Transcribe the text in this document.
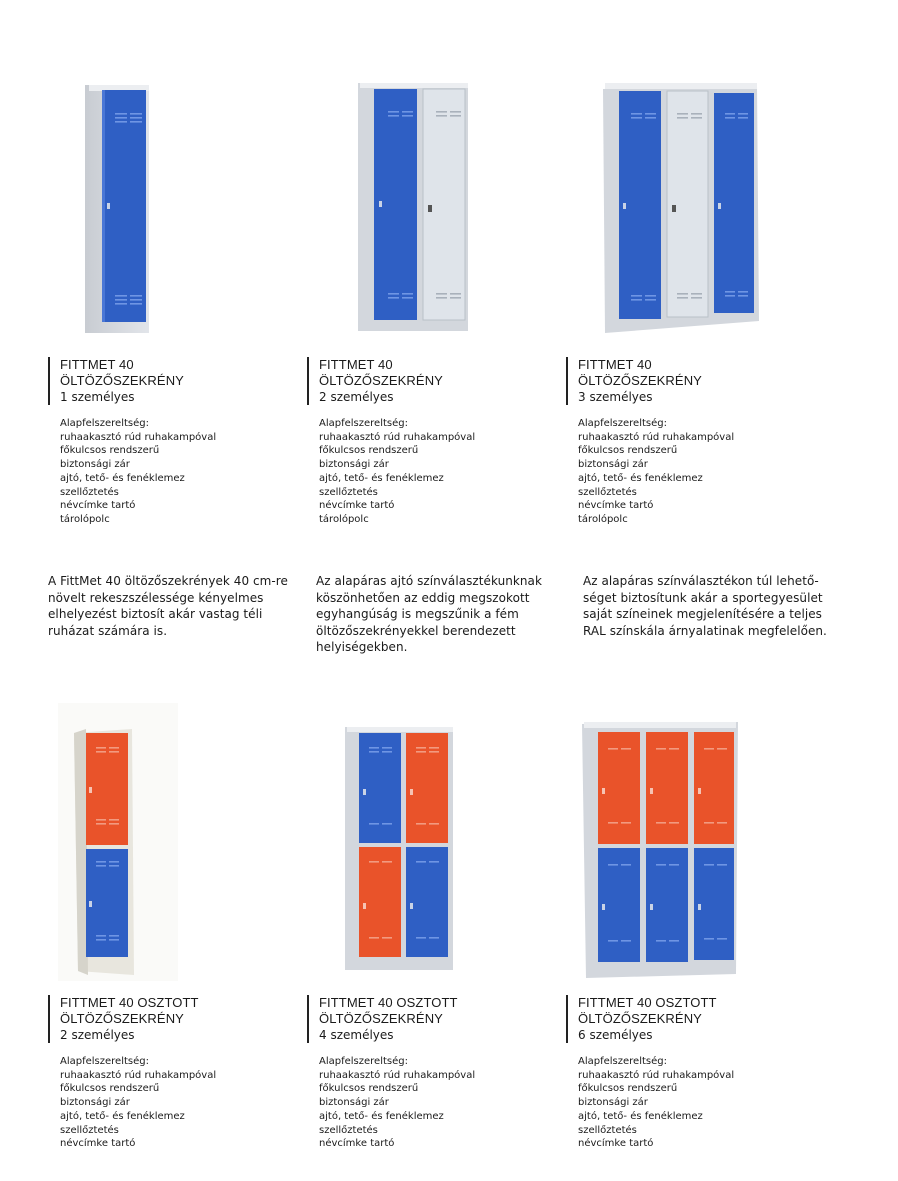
FITTMET 40
ÖLTÖZŐSZEKRÉNY
1 személyes
Alapfelszereltség:
ruhaakasztó rúd ruhakampóval
főkulcsos rendszerű
biztonsági zár
ajtó, tető- és fenéklemez
szellőztetés
névcímke tartó
tárolópolc
FITTMET 40
ÖLTÖZŐSZEKRÉNY
2 személyes
Alapfelszereltség:
ruhaakasztó rúd ruhakampóval
főkulcsos rendszerű
biztonsági zár
ajtó, tető- és fenéklemez
szellőztetés
névcímke tartó
tárolópolc
FITTMET 40
ÖLTÖZŐSZEKRÉNY
3 személyes
Alapfelszereltség:
ruhaakasztó rúd ruhakampóval
főkulcsos rendszerű
biztonsági zár
ajtó, tető- és fenéklemez
szellőztetés
névcímke tartó
tárolópolc
A FittMet 40 öltözőszekrények 40 cm-re
növelt rekeszszélessége kényelmes
elhelyezést biztosít akár vastag téli
ruházat számára is.
Az alapáras ajtó színválasztékunknak
köszönhetően az eddig megszokott
egyhangúság is megszűnik a fém
öltözőszekrényekkel berendezett
helyiségekben.
Az alapáras színválasztékon túl lehető-
séget biztosítunk akár a sportegyesület
saját színeinek megjelenítésére a teljes
RAL színskála árnyalatinak megfelelően.
FITTMET 40 OSZTOTT
ÖLTÖZŐSZEKRÉNY
2 személyes
Alapfelszereltség:
ruhaakasztó rúd ruhakampóval
főkulcsos rendszerű
biztonsági zár
ajtó, tető- és fenéklemez
szellőztetés
névcímke tartó
FITTMET 40 OSZTOTT
ÖLTÖZŐSZEKRÉNY
4 személyes
Alapfelszereltség:
ruhaakasztó rúd ruhakampóval
főkulcsos rendszerű
biztonsági zár
ajtó, tető- és fenéklemez
szellőztetés
névcímke tartó
FITTMET 40 OSZTOTT
ÖLTÖZŐSZEKRÉNY
6 személyes
Alapfelszereltség:
ruhaakasztó rúd ruhakampóval
főkulcsos rendszerű
biztonsági zár
ajtó, tető- és fenéklemez
szellőztetés
névcímke tartó
